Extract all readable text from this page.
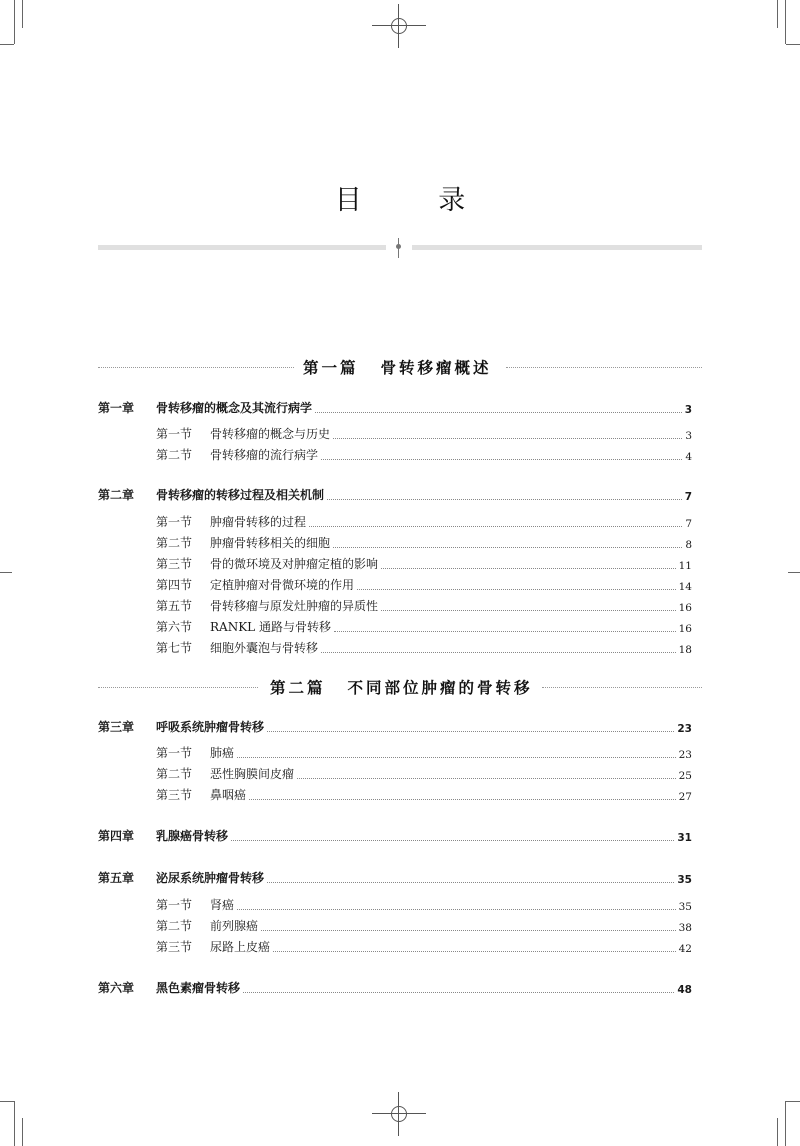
目 录
第一篇 骨转移瘤概述
第一章 骨转移瘤的概念及其流行病学	3
第一节 骨转移瘤的概念与历史	3
第二节 骨转移瘤的流行病学	4
第二章 骨转移瘤的转移过程及相关机制	7
第一节 肿瘤骨转移的过程	7
第二节 肿瘤骨转移相关的细胞	8
第三节 骨的微环境及对肿瘤定植的影响	11
第四节 定植肿瘤对骨微环境的作用	14
第五节 骨转移瘤与原发灶肿瘤的异质性	16
第六节 RANKL 通路与骨转移	16
第七节 细胞外囊泡与骨转移	18
第二篇 不同部位肿瘤的骨转移
第三章 呼吸系统肿瘤骨转移	23
第一节 肺癌	23
第二节 恶性胸膜间皮瘤	25
第三节 鼻咽癌	27
第四章 乳腺癌骨转移	31
第五章 泌尿系统肿瘤骨转移	35
第一节 肾癌	35
第二节 前列腺癌	38
第三节 尿路上皮癌	42
第六章 黑色素瘤骨转移	48
